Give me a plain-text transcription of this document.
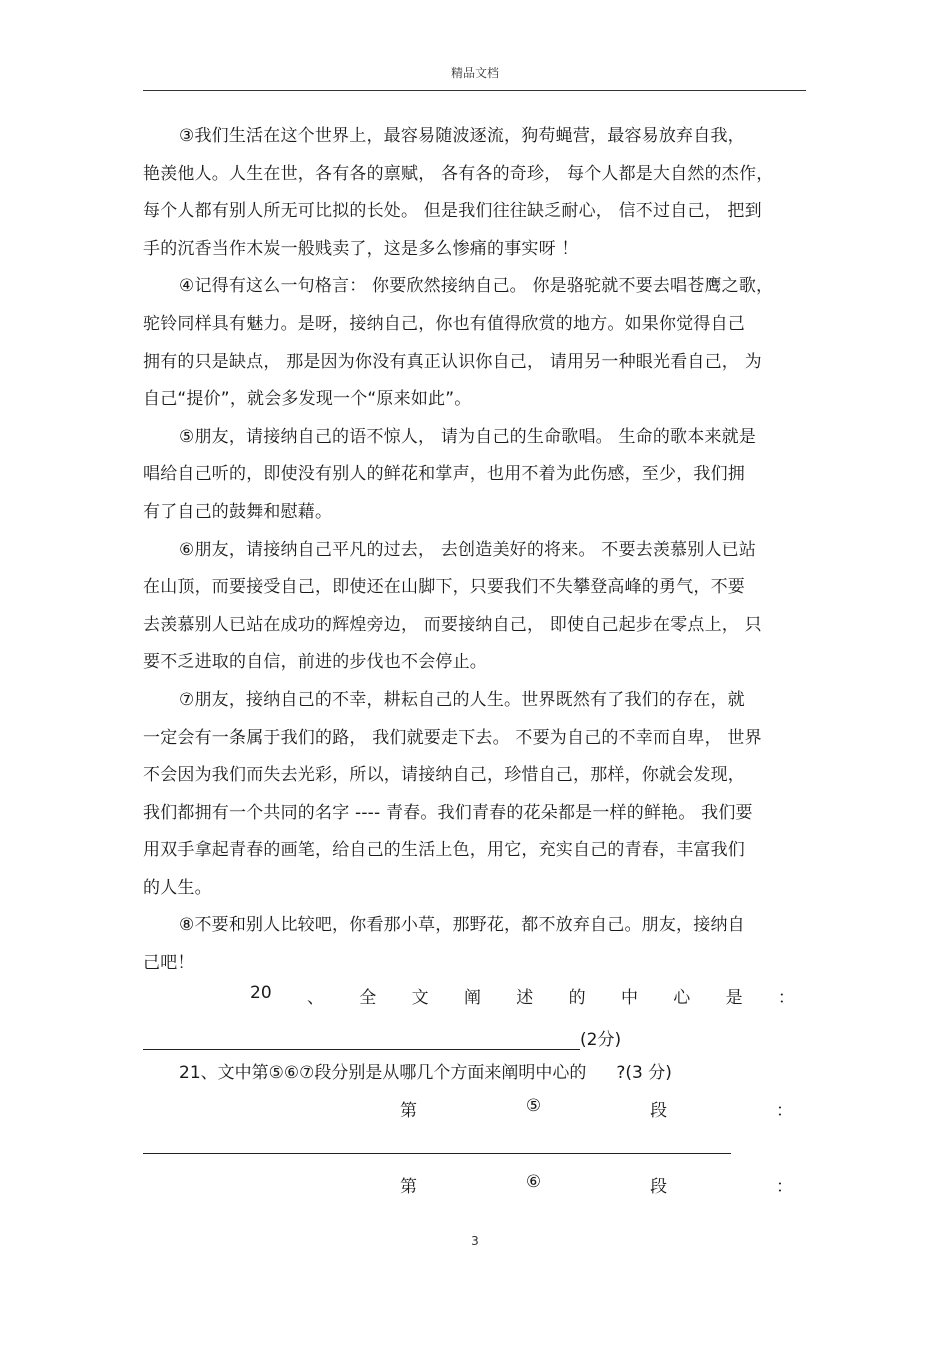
精品文档
③我们生活在这个世界上，最容易随波逐流，狗苟蝇营，最容易放弃自我，
艳羡他人。人生在世，各有各的禀赋， 各有各的奇珍， 每个人都是大自然的杰作，
每个人都有别人所无可比拟的长处。 但是我们往往缺乏耐心， 信不过自己， 把到
手的沉香当作木炭一般贱卖了，这是多么惨痛的事实呀 ！
④记得有这么一句格言： 你要欣然接纳自己。 你是骆驼就不要去唱苍鹰之歌，
驼铃同样具有魅力。是呀，接纳自己，你也有值得欣赏的地方。如果你觉得自己
拥有的只是缺点， 那是因为你没有真正认识你自己， 请用另一种眼光看自己， 为
自己“提价”，就会多发现一个“原来如此”。
⑤朋友，请接纳自己的语不惊人， 请为自己的生命歌唱。 生命的歌本来就是
唱给自己听的，即使没有别人的鲜花和掌声，也用不着为此伤感，至少，我们拥
有了自己的鼓舞和慰藉。
⑥朋友，请接纳自己平凡的过去， 去创造美好的将来。 不要去羡慕别人已站
在山顶，而要接受自己，即使还在山脚下，只要我们不失攀登高峰的勇气，不要
去羡慕别人已站在成功的辉煌旁边， 而要接纳自己， 即使自己起步在零点上， 只
要不乏进取的自信，前进的步伐也不会停止。
⑦朋友，接纳自己的不幸，耕耘自己的人生。世界既然有了我们的存在，就
一定会有一条属于我们的路， 我们就要走下去。 不要为自己的不幸而自卑， 世界
不会因为我们而失去光彩，所以，请接纳自己，珍惜自己，那样，你就会发现，
我们都拥有一个共同的名字 ---- 青春。我们青春的花朵都是一样的鲜艳。 我们要
用双手拿起青春的画笔，给自己的生活上色，用它，充实自己的青春，丰富我们
的人生。
⑧不要和别人比较吧，你看那小草，那野花，都不放弃自己。朋友，接纳自
己吧！
20 、 全 文 阐 述 的 中 心 是 ：
(2分)
21、文中第⑤⑥⑦段分别是从哪几个方面来阐明中心的 ?(3 分)
第	⑤	段	：
第	⑥	段	：
3
